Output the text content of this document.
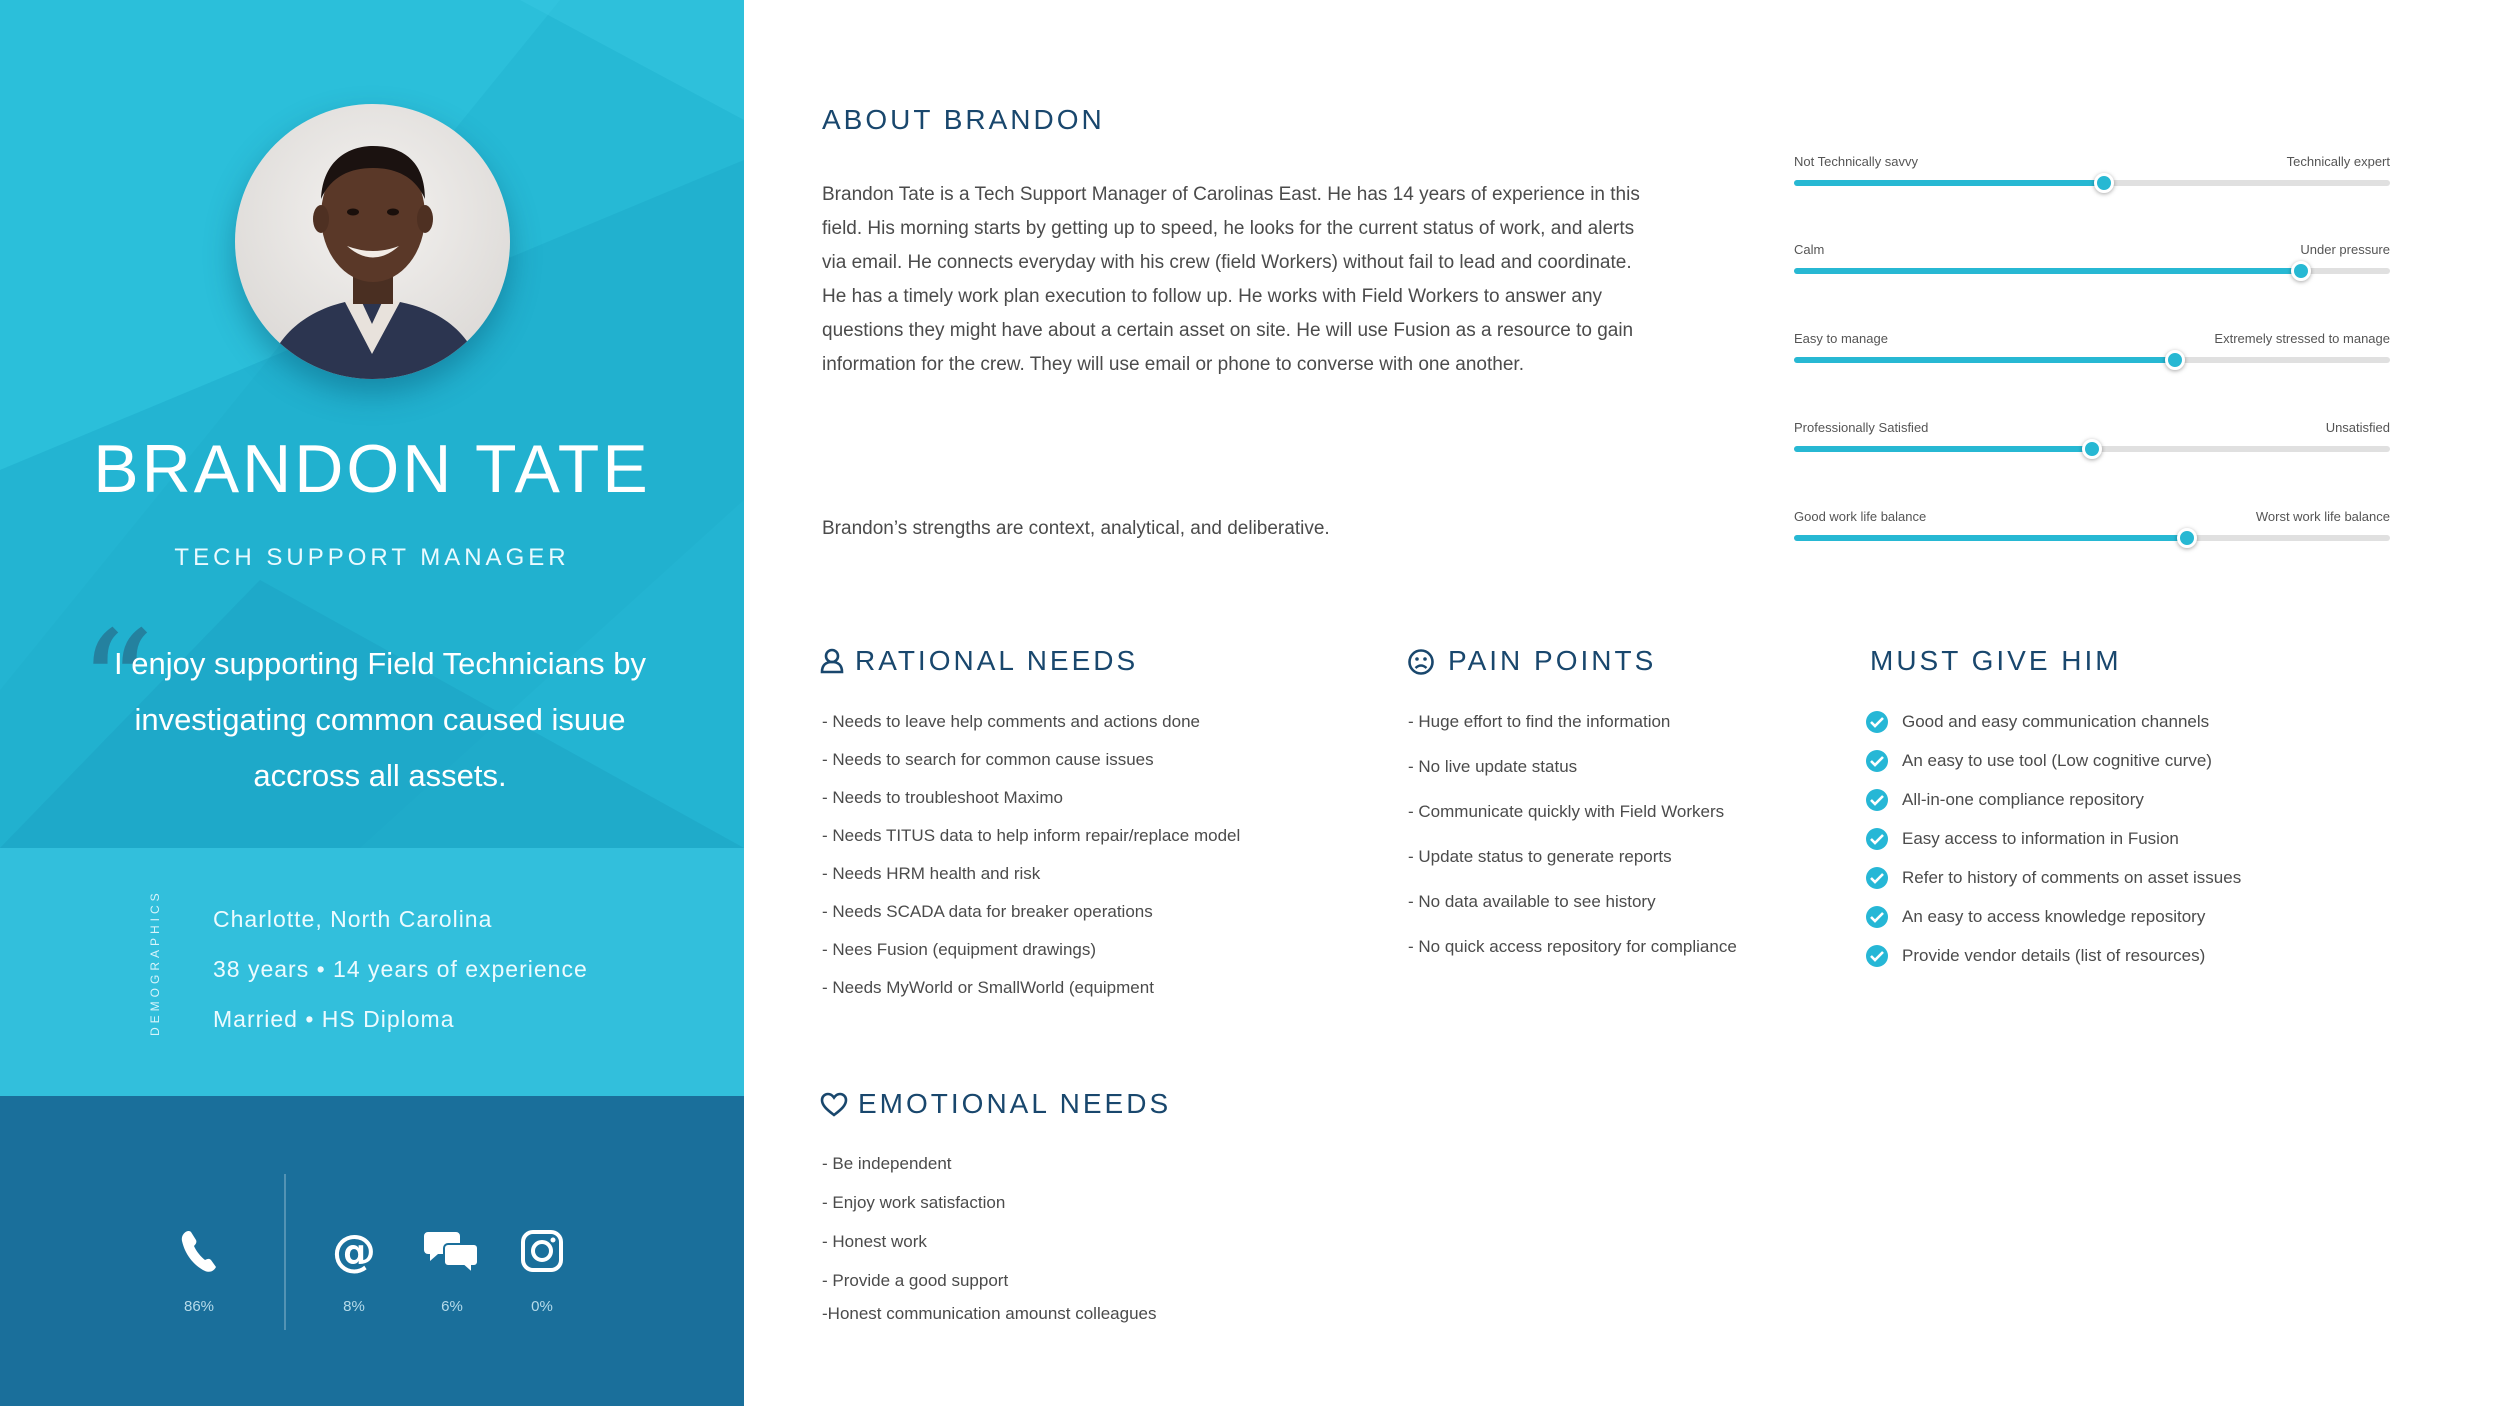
BRANDON TATE
TECH SUPPORT MANAGER
“
I enjoy supporting Field Technicians by investigating common caused isuue accross all assets.
DEMOGRAPHICS Charlotte, North Carolina
38 years • 14 years of experience
Married • HS Diploma
86%
@
8%	6%	0%
ABOUT BRANDON
Brandon Tate is a Tech Support Manager of Carolinas East. He has 14 years of experience in this field. His morning starts by getting up to speed, he looks for the current status of work, and alerts via email. He connects everyday with his crew (field Workers) without fail to lead and coordinate. He has a timely work plan execution to follow up. He works with Field Workers to answer any questions they might have about a certain asset on site. He will use Fusion as a resource to gain information for the crew. They will use email or phone to converse with one another.
Brandon’s strengths are context, analytical, and deliberative.
Not Technically savvy	Technically expert
Calm	Under pressure
Easy to manage	Extremely stressed to manage
Professionally Satisfied	Unsatisfied
Good work life balance	Worst work life balance
RATIONAL NEEDS
- Needs to leave help comments and actions done
- Needs to search for common cause issues
- Needs to troubleshoot Maximo
- Needs TITUS data to help inform repair/replace model
- Needs HRM health and risk
- Needs SCADA data for breaker operations
- Nees Fusion (equipment drawings)
- Needs MyWorld or SmallWorld (equipment
PAIN POINTS
- Huge effort to find the information
- No live update status
- Communicate quickly with Field Workers
- Update status to generate reports
- No data available to see history
- No quick access repository for compliance
MUST GIVE HIM
Good and easy communication channels
An easy to use tool (Low cognitive curve)
All-in-one compliance repository
Easy access to information in Fusion
Refer to history of comments on asset issues
An easy to access knowledge repository
Provide vendor details (list of resources)
EMOTIONAL NEEDS
- Be independent
- Enjoy work satisfaction
- Honest work
- Provide a good support
-Honest communication amounst colleagues
